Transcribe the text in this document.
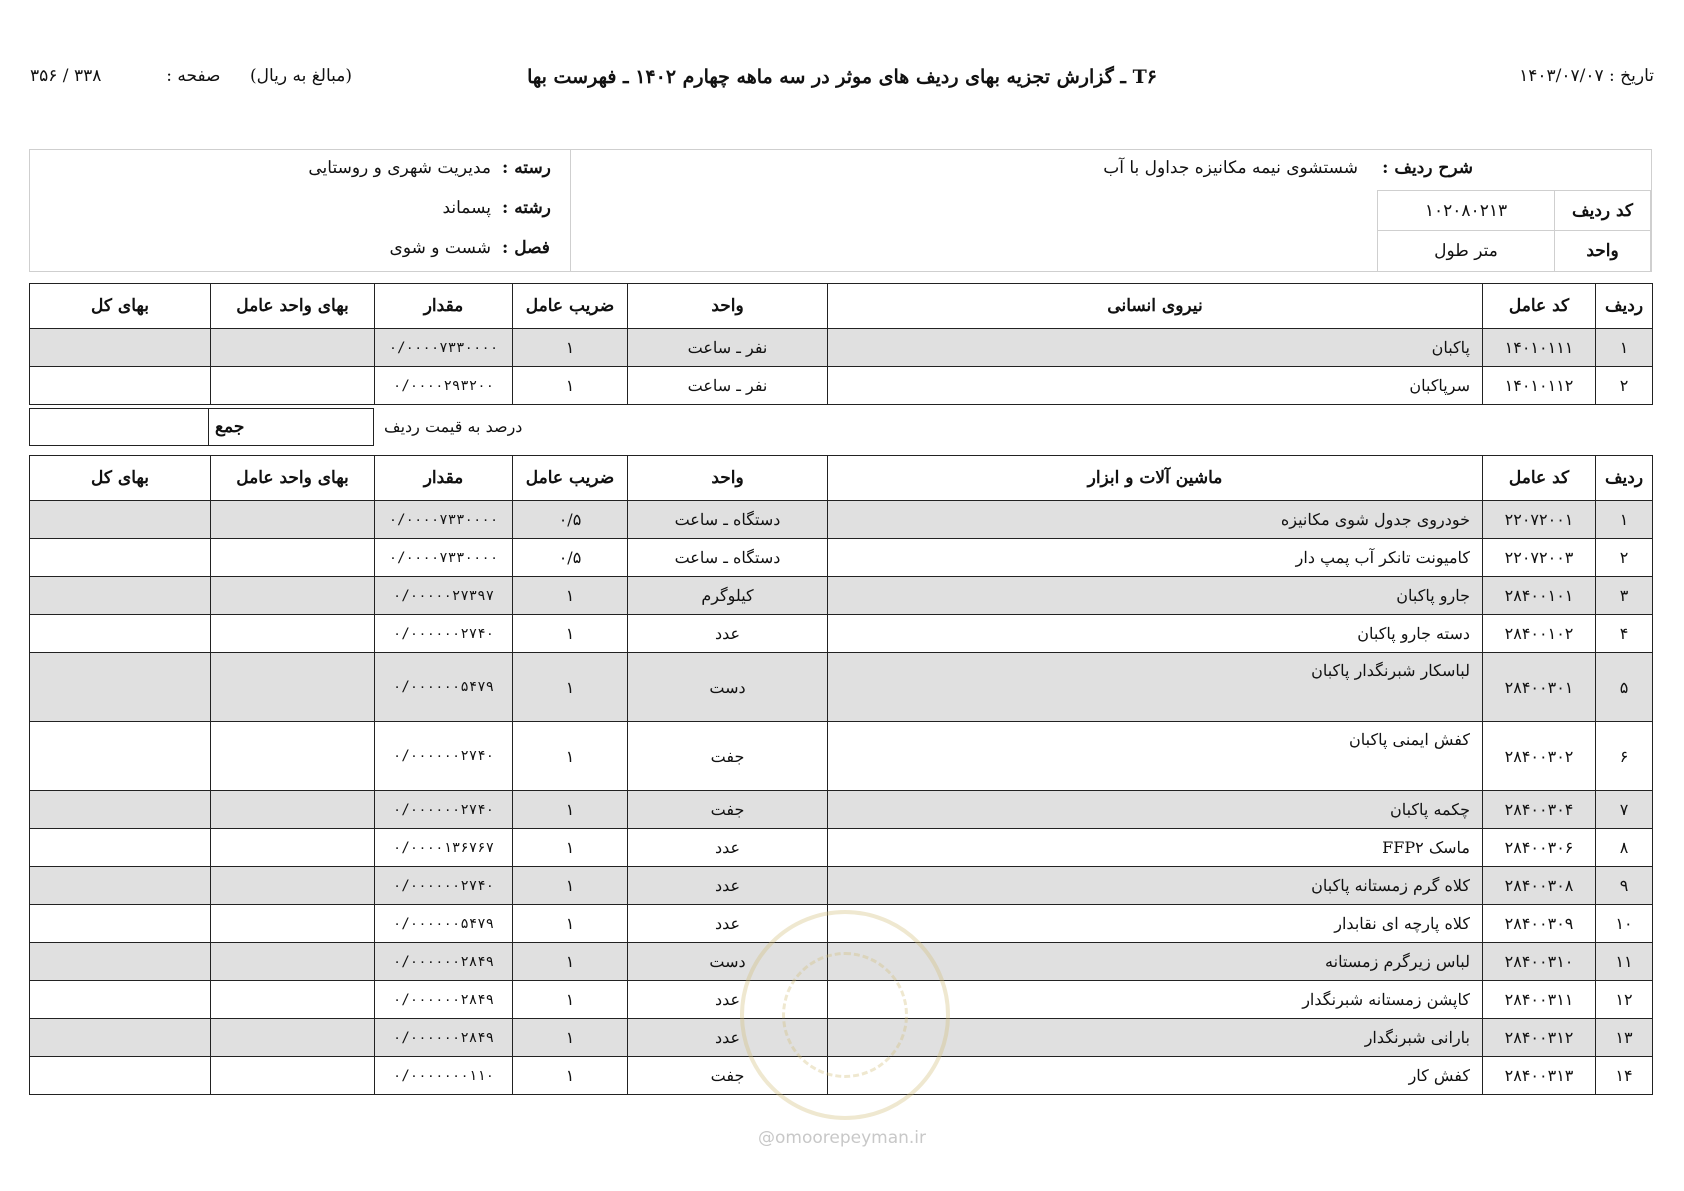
T۶ ـ گزارش تجزیه بهای ردیف های موثر در سه ماهه چهارم ۱۴۰۲ ـ فهرست بها	تاریخ : ۱۴۰۳/۰۷/۰۷
(مبالغ به ریال)
صفحه :            ۳۳۸ / ۳۵۶
شرح ردیف :
شستشوی نیمه مکانیزه جداول با آب
کد ردیف
۱۰۲۰۸۰۲۱۳
واحد
متر طول
رسته :
مدیریت شهری و روستایی
رشته :
پسماند
فصل :
شست و شوی
ردیف	کد عامل	نیروی انسانی	واحد	ضریب عامل	مقدار	بهای واحد عامل	بهای کل
۱	۱۴۰۱۰۱۱۱	پاکبان	نفر ـ ساعت	۱	۰/۰۰۰۰۷۳۳۰۰۰۰		
۲	۱۴۰۱۰۱۱۲	سرپاکبان	نفر ـ ساعت	۱	۰/۰۰۰۰۲۹۳۲۰۰		
جمع	درصد به قیمت ردیف
ردیف	کد عامل	ماشین آلات و ابزار	واحد	ضریب عامل	مقدار	بهای واحد عامل	بهای کل
۱	۲۲۰۷۲۰۰۱	خودروی جدول شوی مکانیزه	دستگاه ـ ساعت	۰/۵	۰/۰۰۰۰۷۳۳۰۰۰۰		
۲	۲۲۰۷۲۰۰۳	کامیونت تانکر آب پمپ دار	دستگاه ـ ساعت	۰/۵	۰/۰۰۰۰۷۳۳۰۰۰۰		
۳	۲۸۴۰۰۱۰۱	جارو پاکبان	کیلوگرم	۱	۰/۰۰۰۰۰۲۷۳۹۷		
۴	۲۸۴۰۰۱۰۲	دسته جارو پاکبان	عدد	۱	۰/۰۰۰۰۰۰۲۷۴۰		
۵	۲۸۴۰۰۳۰۱	لباسکار شبرنگدار پاکبان	دست	۱	۰/۰۰۰۰۰۰۵۴۷۹		
۶	۲۸۴۰۰۳۰۲	کفش ایمنی پاکبان	جفت	۱	۰/۰۰۰۰۰۰۲۷۴۰		
۷	۲۸۴۰۰۳۰۴	چکمه پاکبان	جفت	۱	۰/۰۰۰۰۰۰۲۷۴۰		
۸	۲۸۴۰۰۳۰۶	ماسک FFP۲	عدد	۱	۰/۰۰۰۰۱۳۶۷۶۷		
۹	۲۸۴۰۰۳۰۸	کلاه گرم زمستانه پاکبان	عدد	۱	۰/۰۰۰۰۰۰۲۷۴۰		
۱۰	۲۸۴۰۰۳۰۹	کلاه پارچه ای نقابدار	عدد	۱	۰/۰۰۰۰۰۰۵۴۷۹		
۱۱	۲۸۴۰۰۳۱۰	لباس زیرگرم زمستانه	دست	۱	۰/۰۰۰۰۰۰۲۸۴۹		
۱۲	۲۸۴۰۰۳۱۱	کاپشن زمستانه شبرنگدار	عدد	۱	۰/۰۰۰۰۰۰۲۸۴۹		
۱۳	۲۸۴۰۰۳۱۲	بارانی شبرنگدار	عدد	۱	۰/۰۰۰۰۰۰۲۸۴۹		
۱۴	۲۸۴۰۰۳۱۳	کفش کار	جفت	۱	۰/۰۰۰۰۰۰۰۱۱۰		
@omoorepeyman.ir
